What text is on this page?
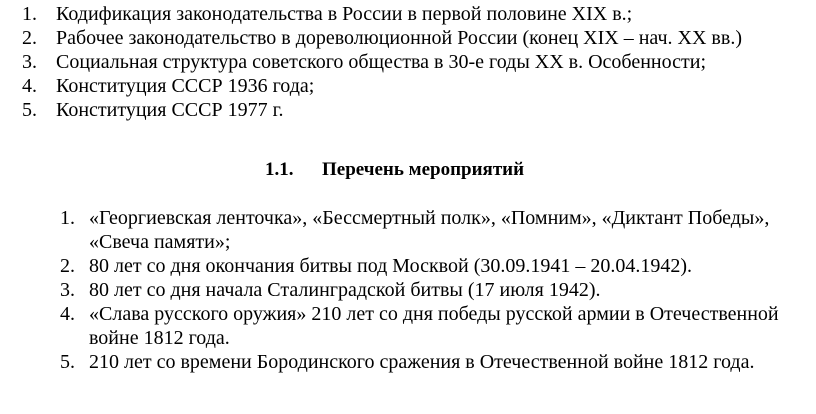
1. Кодификация законодательства в России в первой половине XIX в.;
2. Рабочее законодательство в дореволюционной России (конец XIX – нач. XX вв.)
3. Социальная структура советского общества в 30-е годы XX в. Особенности;
4. Конституция СССР 1936 года;
5. Конституция СССР 1977 г.
1.1. Перечень мероприятий
1. «Георгиевская ленточка», «Бессмертный полк», «Помним», «Диктант Победы»,
«Свеча памяти»;
2. 80 лет со дня окончания битвы под Москвой (30.09.1941 – 20.04.1942).
3. 80 лет со дня начала Сталинградской битвы (17 июля 1942).
4. «Слава русского оружия» 210 лет со дня победы русской армии в Отечественной
войне 1812 года.
5. 210 лет со времени Бородинского сражения в Отечественной войне 1812 года.
